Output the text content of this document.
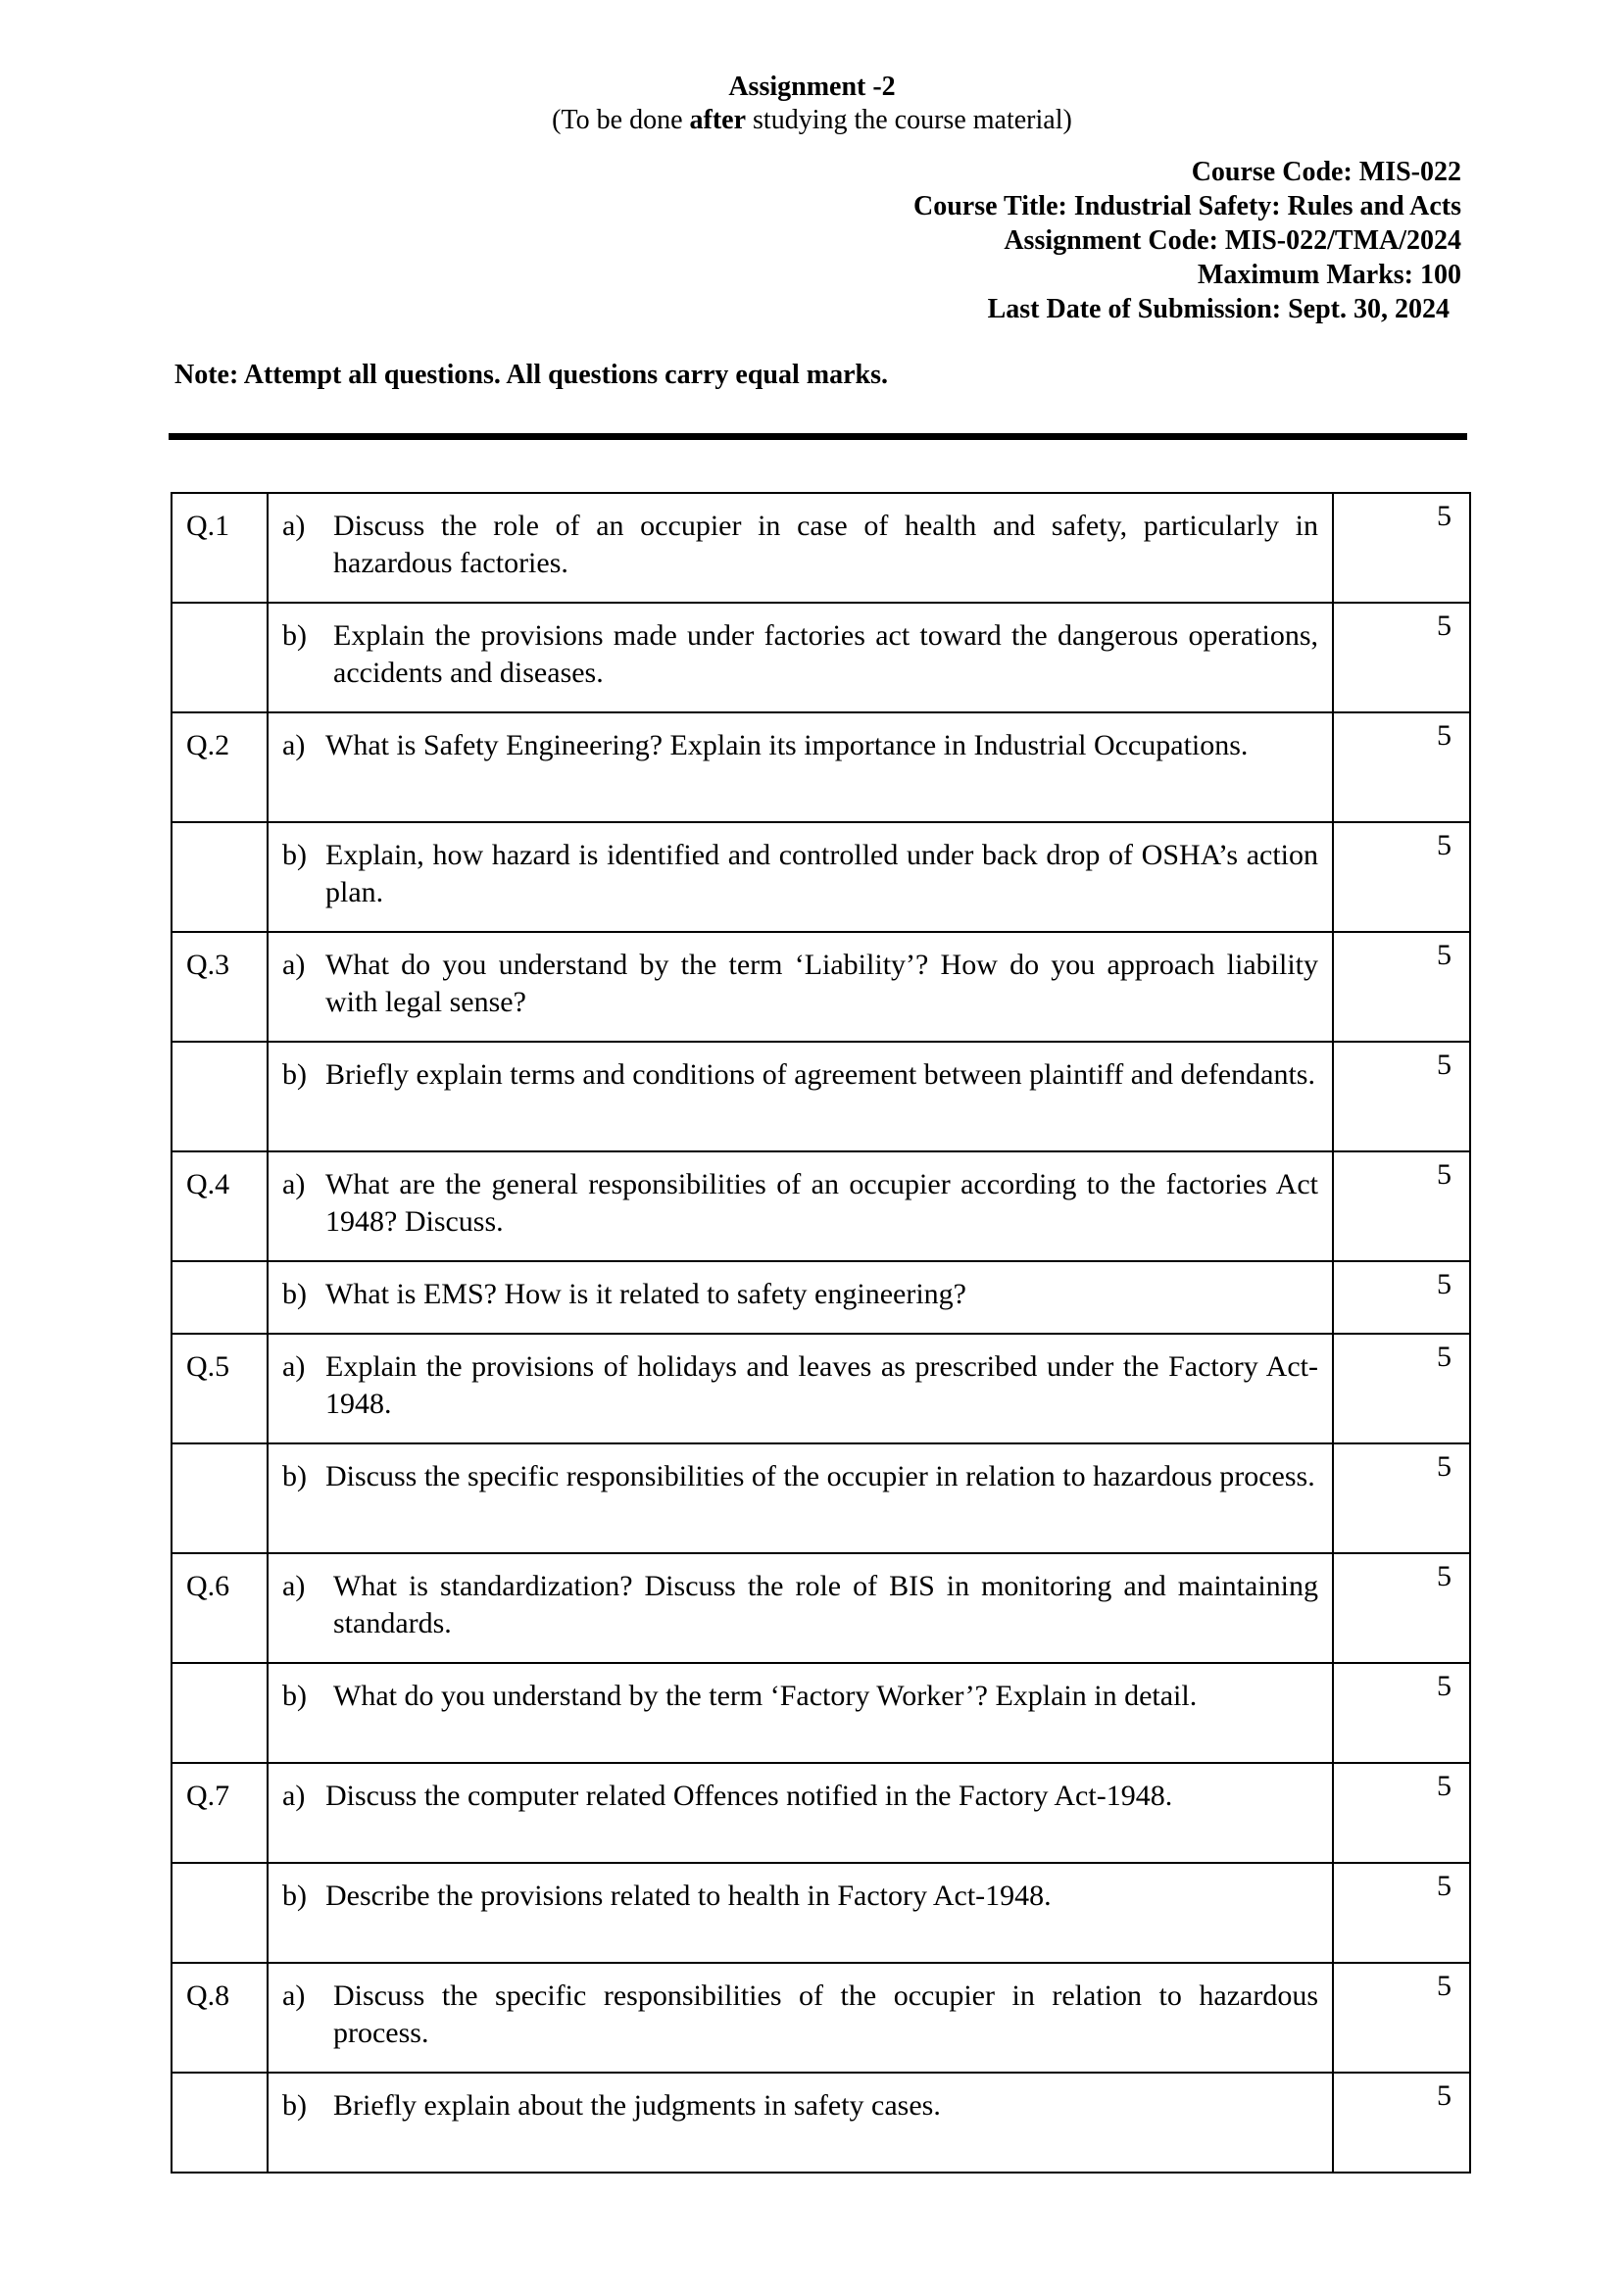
Assignment -2
(To be done after studying the course material)
Course Code: MIS-022
Course Title: Industrial Safety: Rules and Acts
Assignment Code: MIS-022/TMA/2024
Maximum Marks: 100
Last Date of Submission: Sept. 30, 2024
Note: Attempt all questions. All questions carry equal marks.
Q.1	a) Discuss the role of an occupier in case of health and safety, particularly in hazardous factories.	5

	b) Explain the provisions made under factories act toward the dangerous operations, accidents and diseases.	5
Q.2	a) What is Safety Engineering? Explain its importance in Industrial Occupations.	5

	b) Explain, how hazard is identified and controlled under back drop of OSHA’s action plan.	5
Q.3	a) What do you understand by the term ‘Liability’? How do you approach liability with legal sense?	5

	b) Briefly explain terms and conditions of agreement between plaintiff and defendants.	5
Q.4	a) What are the general responsibilities of an occupier according to the factories Act 1948? Discuss.	5

	b) What is EMS? How is it related to safety engineering?	5
Q.5	a) Explain the provisions of holidays and leaves as prescribed under the Factory Act-1948.	5

	b) Discuss the specific responsibilities of the occupier in relation to hazardous process.	5
Q.6	a) What is standardization? Discuss the role of BIS in monitoring and maintaining standards.	5

	b) What do you understand by the term ‘Factory Worker’? Explain in detail.	5
Q.7	a) Discuss the computer related Offences notified in the Factory Act-1948.	5

	b) Describe the provisions related to health in Factory Act-1948.	5
Q.8	a) Discuss the specific responsibilities of the occupier in relation to hazardous process.	5

	b) Briefly explain about the judgments in safety cases.	5
